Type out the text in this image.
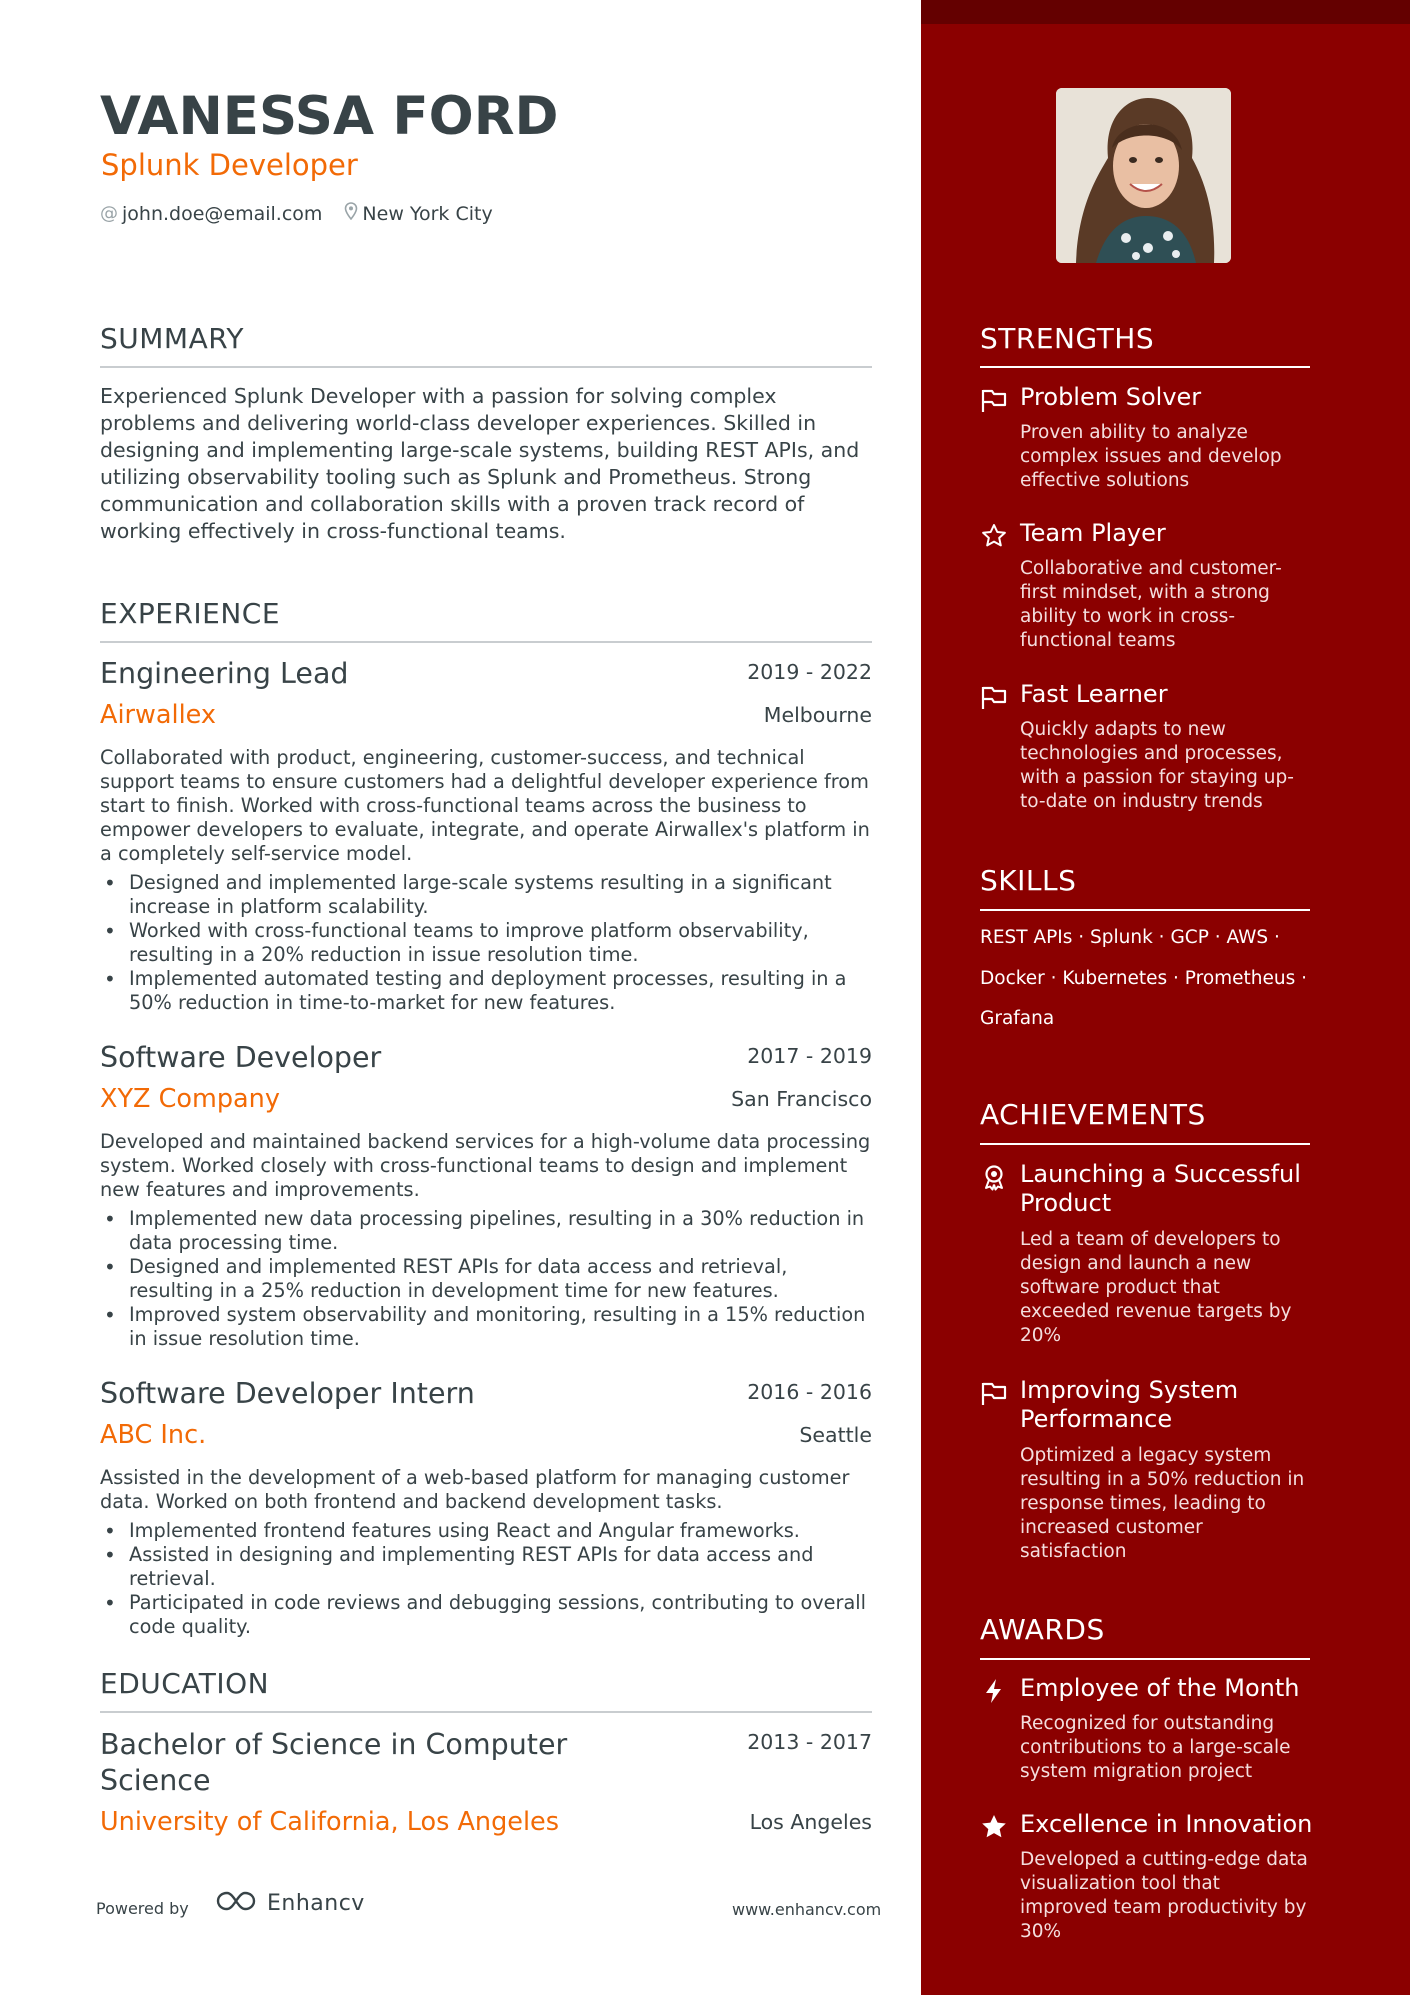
VANESSA FORD
Splunk Developer
@ john.doe@email.com New York City
SUMMARY
Experienced Splunk Developer with a passion for solving complex problems and delivering world-class developer experiences. Skilled in designing and implementing large-scale systems, building REST APIs, and utilizing observability tooling such as Splunk and Prometheus. Strong communication and collaboration skills with a proven track record of working effectively in cross-functional teams.
EXPERIENCE
Engineering Lead	2019 - 2022
Airwallex	Melbourne
Collaborated with product, engineering, customer-success, and technical support teams to ensure customers had a delightful developer experience from start to finish. Worked with cross-functional teams across the business to empower developers to evaluate, integrate, and operate Airwallex's platform in a completely self-service model.
• Designed and implemented large-scale systems resulting in a significant increase in platform scalability.
• Worked with cross-functional teams to improve platform observability, resulting in a 20% reduction in issue resolution time.
• Implemented automated testing and deployment processes, resulting in a 50% reduction in time-to-market for new features.
Software Developer	2017 - 2019
XYZ Company	San Francisco
Developed and maintained backend services for a high-volume data processing system. Worked closely with cross-functional teams to design and implement new features and improvements.
• Implemented new data processing pipelines, resulting in a 30% reduction in data processing time.
• Designed and implemented REST APIs for data access and retrieval, resulting in a 25% reduction in development time for new features.
• Improved system observability and monitoring, resulting in a 15% reduction in issue resolution time.
Software Developer Intern	2016 - 2016
ABC Inc.	Seattle
Assisted in the development of a web-based platform for managing customer data. Worked on both frontend and backend development tasks.
• Implemented frontend features using React and Angular frameworks.
• Assisted in designing and implementing REST APIs for data access and retrieval.
• Participated in code reviews and debugging sessions, contributing to overall code quality.
EDUCATION
Bachelor of Science in Computer Science
2013 - 2017
University of California, Los Angeles	Los Angeles
Powered by	Enhancv	www.enhancv.com
STRENGTHS
Problem Solver
Proven ability to analyze complex issues and develop effective solutions
Team Player
Collaborative and customer-first mindset, with a strong ability to work in cross-functional teams
Fast Learner
Quickly adapts to new technologies and processes, with a passion for staying up-to-date on industry trends
SKILLS
REST APIs · Splunk · GCP · AWS · Docker · Kubernetes · Prometheus · Grafana
ACHIEVEMENTS
Launching a Successful Product
Led a team of developers to design and launch a new software product that exceeded revenue targets by 20%
Improving System Performance
Optimized a legacy system resulting in a 50% reduction in response times, leading to increased customer satisfaction
AWARDS
Employee of the Month
Recognized for outstanding contributions to a large-scale system migration project
Excellence in Innovation
Developed a cutting-edge data visualization tool that improved team productivity by 30%
